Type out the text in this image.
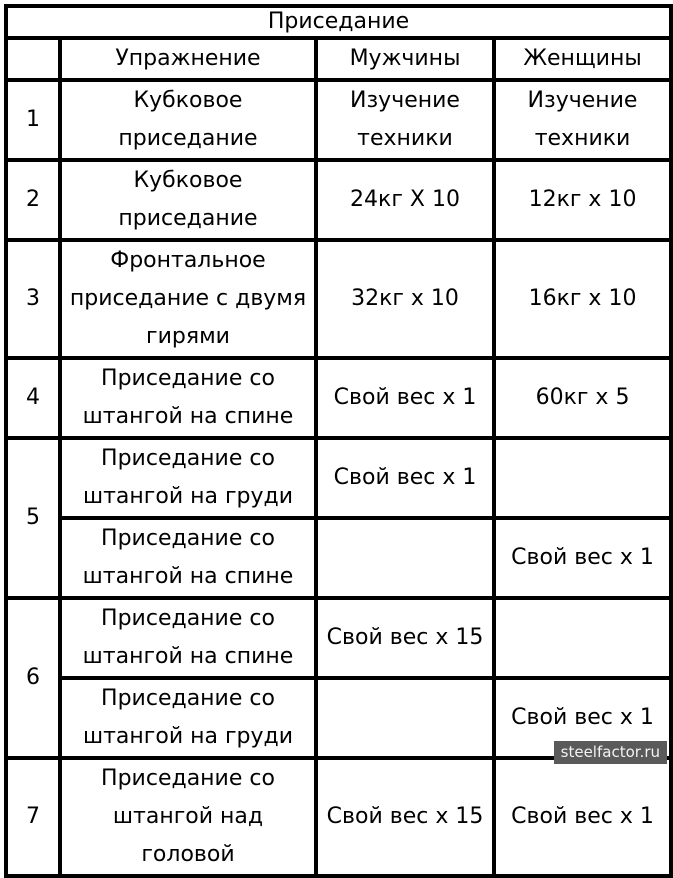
Приседание			
	Упражнение	Мужчины	Женщины
1	Кубковое приседание	Изучение техники	Изучение техники
2	Кубковое приседание	24кг X 10	12кг x 10
3	Фронтальное приседание с двумя гирями	32кг x 10	16кг x 10
4	Приседание со штангой на спине	Свой вес x 1	60кг x 5
5	Приседание со штангой на груди	Свой вес x 1	
	Приседание со штангой на спине		Свой вес x 1
6	Приседание со штангой на спине	Свой вес x 15	
	Приседание со штангой на груди		Свой вес x 1
7	Приседание со штангой над головой	Свой вес x 15	Свой вес x 1
steelfactor.ru
